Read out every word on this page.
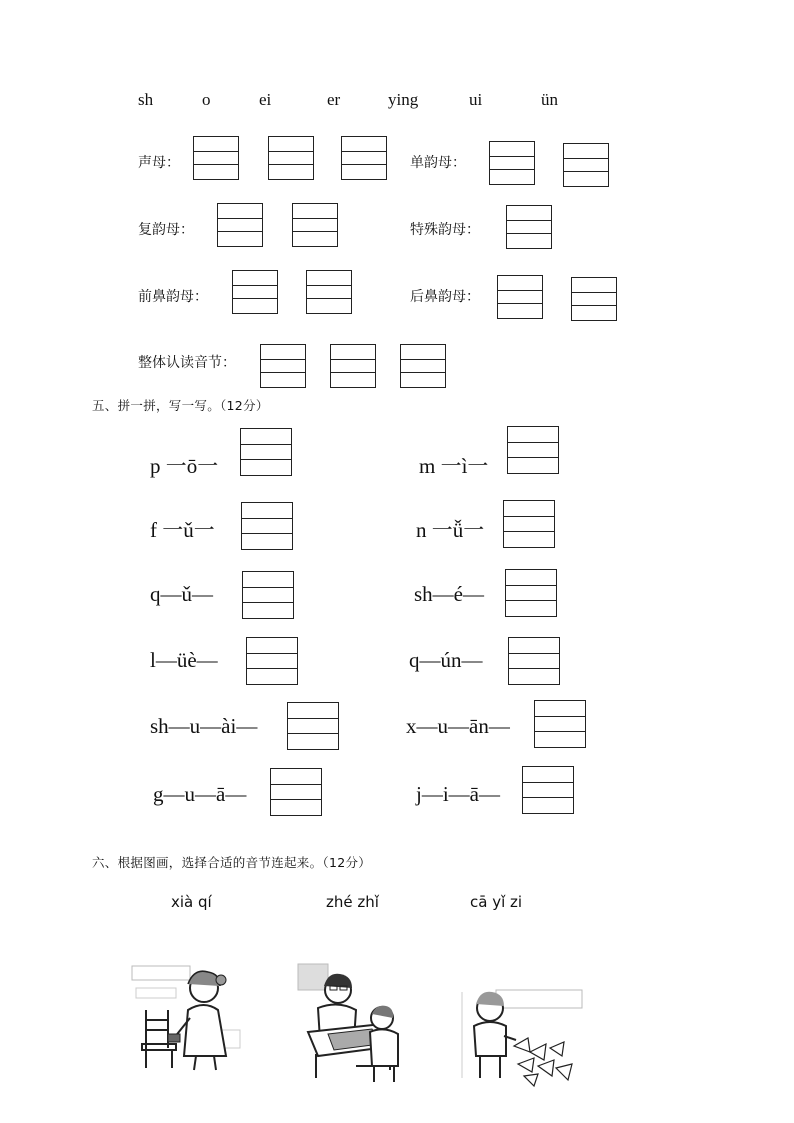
sh	o	ei	er	ying	ui	ün
声母：	单韵母：
复韵母：	特殊韵母：
前鼻韵母：	后鼻韵母：
整体认读音节：
五、拼一拼，写一写。（12分）
p 一ō一	m 一ì一
f 一ǔ一	n 一ǚ一
q—ǔ—	sh—é—
l—üè—	q—ún—
sh—u—ài—	x—u—ān—
g—u—ā—	j—i—ā—
六、根据图画，选择合适的音节连起来。（12分）
xià qí	zhé zhǐ	cā yǐ zi
